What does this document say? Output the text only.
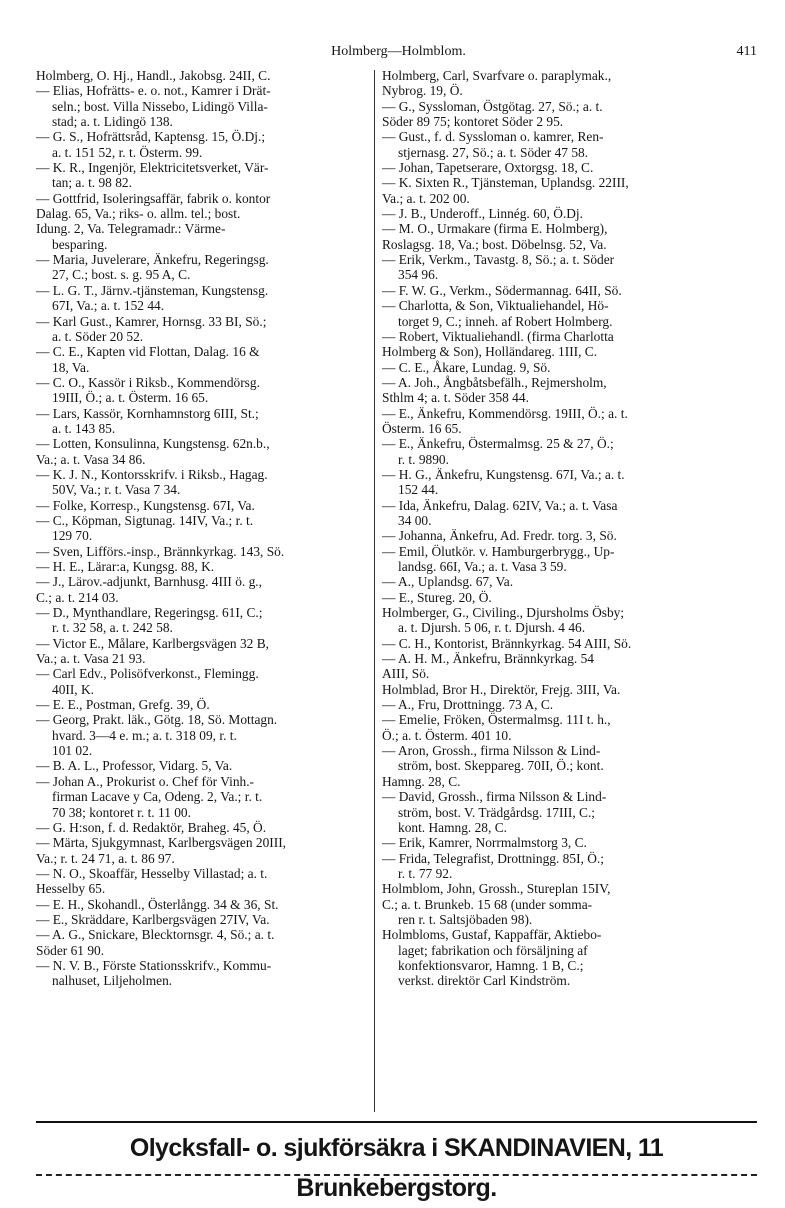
Holmberg—Holmblom.	411
Holmberg, O. Hj., Handl., Jakobsg. 24II, C.
— Elias, Hofrätts- e. o. not., Kamrer i Drät-
seln.; bost. Villa Nissebo, Lidingö Villa-
stad; a. t. Lidingö 138.
— G. S., Hofrättsråd, Kaptensg. 15, Ö.Dj.;
a. t. 151 52, r. t. Österm. 99.
— K. R., Ingenjör, Elektricitetsverket, Vär-
tan; a. t. 98 82.
— Gottfrid, Isoleringsaffär, fabrik o. kontor
Dalag. 65, Va.; riks- o. allm. tel.; bost.
Idung. 2, Va. Telegramadr.: Värme-
besparing.
— Maria, Juvelerare, Änkefru, Regeringsg.
27, C.; bost. s. g. 95 A, C.
— L. G. T., Järnv.-tjänsteman, Kungstensg.
67I, Va.; a. t. 152 44.
— Karl Gust., Kamrer, Hornsg. 33 BI, Sö.;
a. t. Söder 20 52.
— C. E., Kapten vid Flottan, Dalag. 16 &
18, Va.
— C. O., Kassör i Riksb., Kommendörsg.
19III, Ö.; a. t. Österm. 16 65.
— Lars, Kassör, Kornhamnstorg 6III, St.;
a. t. 143 85.
— Lotten, Konsulinna, Kungstensg. 62n.b.,
Va.; a. t. Vasa 34 86.
— K. J. N., Kontorsskrifv. i Riksb., Hagag.
50V, Va.; r. t. Vasa 7 34.
— Folke, Korresp., Kungstensg. 67I, Va.
— C., Köpman, Sigtunag. 14IV, Va.; r. t.
129 70.
— Sven, Lifförs.-insp., Brännkyrkag. 143, Sö.
— H. E., Lärar:a, Kungsg. 88, K.
— J., Lärov.-adjunkt, Barnhusg. 4III ö. g.,
C.; a. t. 214 03.
— D., Mynthandlare, Regeringsg. 61I, C.;
r. t. 32 58, a. t. 242 58.
— Victor E., Målare, Karlbergsvägen 32 B,
Va.; a. t. Vasa 21 93.
— Carl Edv., Polisöfverkonst., Flemingg.
40II, K.
— E. E., Postman, Grefg. 39, Ö.
— Georg, Prakt. läk., Götg. 18, Sö. Mottagn.
hvard. 3—4 e. m.; a. t. 318 09, r. t.
101 02.
— B. A. L., Professor, Vidarg. 5, Va.
— Johan A., Prokurist o. Chef för Vinh.-
firman Lacave y Ca, Odeng. 2, Va.; r. t.
70 38; kontoret r. t. 11 00.
— G. H:son, f. d. Redaktör, Braheg. 45, Ö.
— Märta, Sjukgymnast, Karlbergsvägen 20III,
Va.; r. t. 24 71, a. t. 86 97.
— N. O., Skoaffär, Hesselby Villastad; a. t.
Hesselby 65.
— E. H., Skohandl., Österlångg. 34 & 36, St.
— E., Skräddare, Karlbergsvägen 27IV, Va.
— A. G., Snickare, Blecktornsgr. 4, Sö.; a. t.
Söder 61 90.
— N. V. B., Förste Stationsskrifv., Kommu-
nalhuset, Liljeholmen.
Holmberg, Carl, Svarfvare o. paraplymak.,
Nybrog. 19, Ö.
— G., Syssloman, Östgötag. 27, Sö.; a. t.
Söder 89 75; kontoret Söder 2 95.
— Gust., f. d. Syssloman o. kamrer, Ren-
stjernasg. 27, Sö.; a. t. Söder 47 58.
— Johan, Tapetserare, Oxtorgsg. 18, C.
— K. Sixten R., Tjänsteman, Uplandsg. 22III,
Va.; a. t. 202 00.
— J. B., Underoff., Linnég. 60, Ö.Dj.
— M. O., Urmakare (firma E. Holmberg),
Roslagsg. 18, Va.; bost. Döbelnsg. 52, Va.
— Erik, Verkm., Tavastg. 8, Sö.; a. t. Söder
354 96.
— F. W. G., Verkm., Södermannag. 64II, Sö.
— Charlotta, & Son, Viktualiehandel, Hö-
torget 9, C.; inneh. af Robert Holmberg.
— Robert, Viktualiehandl. (firma Charlotta
Holmberg & Son), Holländareg. 1III, C.
— C. E., Åkare, Lundag. 9, Sö.
— A. Joh., Ångbåtsbefälh., Rejmersholm,
Sthlm 4; a. t. Söder 358 44.
— E., Änkefru, Kommendörsg. 19III, Ö.; a. t.
Österm. 16 65.
— E., Änkefru, Östermalmsg. 25 & 27, Ö.;
r. t. 9890.
— H. G., Änkefru, Kungstensg. 67I, Va.; a. t.
152 44.
— Ida, Änkefru, Dalag. 62IV, Va.; a. t. Vasa
34 00.
— Johanna, Änkefru, Ad. Fredr. torg. 3, Sö.
— Emil, Ölutkör. v. Hamburgerbrygg., Up-
landsg. 66I, Va.; a. t. Vasa 3 59.
— A., Uplandsg. 67, Va.
— E., Stureg. 20, Ö.
Holmberger, G., Civiling., Djursholms Ösby;
a. t. Djursh. 5 06, r. t. Djursh. 4 46.
— C. H., Kontorist, Brännkyrkag. 54 AIII, Sö.
— A. H. M., Änkefru, Brännkyrkag. 54
AIII, Sö.
Holmblad, Bror H., Direktör, Frejg. 3III, Va.
— A., Fru, Drottningg. 73 A, C.
— Emelie, Fröken, Östermalmsg. 11I t. h.,
Ö.; a. t. Österm. 401 10.
— Aron, Grossh., firma Nilsson & Lind-
ström, bost. Skeppareg. 70II, Ö.; kont.
Hamng. 28, C.
— David, Grossh., firma Nilsson & Lind-
ström, bost. V. Trädgårdsg. 17III, C.;
kont. Hamng. 28, C.
— Erik, Kamrer, Norrmalmstorg 3, C.
— Frida, Telegrafist, Drottningg. 85I, Ö.;
r. t. 77 92.
Holmblom, John, Grossh., Stureplan 15IV,
C.; a. t. Brunkeb. 15 68 (under somma-
ren r. t. Saltsjöbaden 98).
Holmbloms, Gustaf, Kappaffär, Aktiebo-
laget; fabrikation och försäljning af
konfektionsvaror, Hamng. 1 B, C.;
verkst. direktör Carl Kindström.
Olycksfall- o. sjukförsäkra i SKANDINAVIEN, 11 Brunkebergstorg.
